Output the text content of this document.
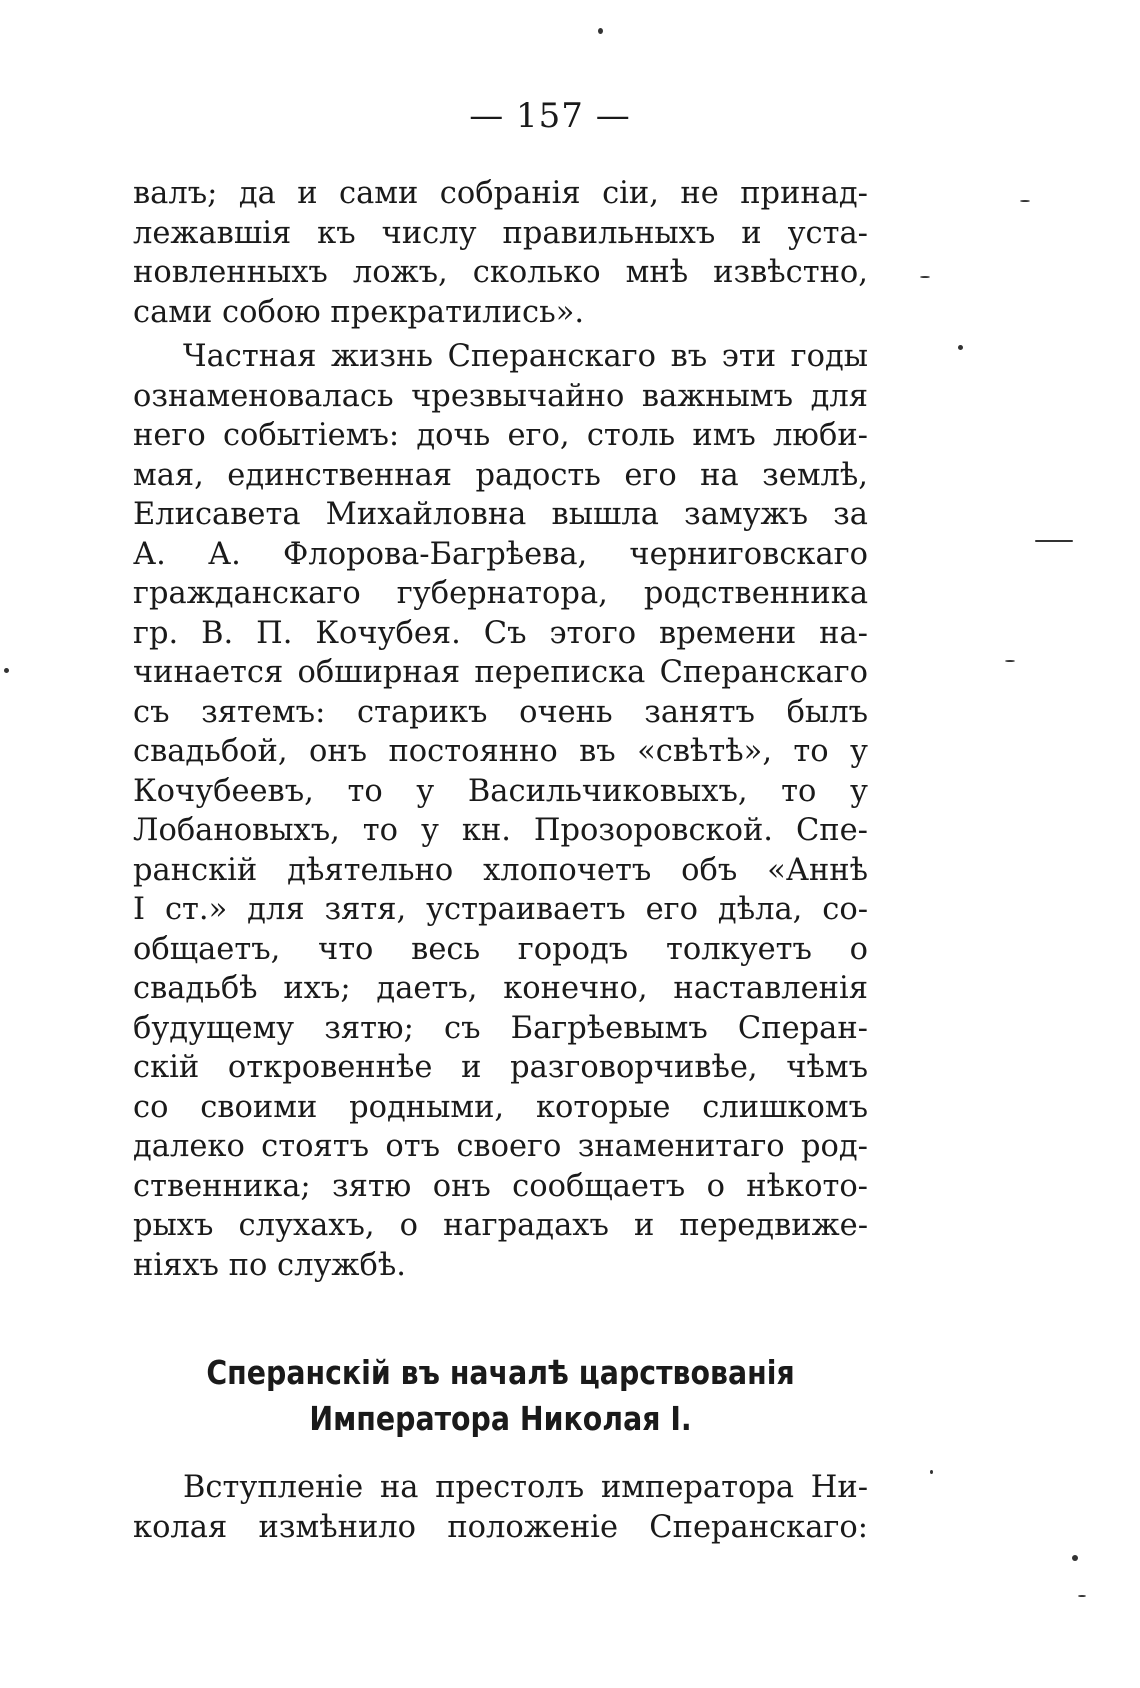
— 157 —
валъ; да и сами собранія сіи, не принад-
лежавшія къ числу правильныхъ и уста-
новленныхъ ложъ, сколько мнѣ извѣстно,
сами собою прекратились».
Частная жизнь Сперанскаго въ эти годы
ознаменовалась чрезвычайно важнымъ для
него событіемъ: дочь его, столь имъ люби-
мая, единственная радость его на землѣ,
Елисавета Михайловна вышла замужъ за
А. А. Флорова-Багрѣева, черниговскаго
гражданскаго губернатора, родственника
гр. В. П. Кочубея. Съ этого времени на-
чинается обширная переписка Сперанскаго
съ зятемъ: старикъ очень занятъ былъ
свадьбой, онъ постоянно въ «свѣтѣ», то у
Кочубеевъ, то у Васильчиковыхъ, то у
Лобановыхъ, то у кн. Прозоровской. Спе-
ранскій дѣятельно хлопочетъ объ «Аннѣ
I ст.» для зятя, устраиваетъ его дѣла, со-
общаетъ, что весь городъ толкуетъ о
свадьбѣ ихъ; даетъ, конечно, наставленія
будущему зятю; съ Багрѣевымъ Сперан-
скій откровеннѣе и разговорчивѣе, чѣмъ
со своими родными, которые слишкомъ
далеко стоятъ отъ своего знаменитаго род-
ственника; зятю онъ сообщаетъ о нѣкото-
рыхъ слухахъ, о наградахъ и передвиже-
ніяхъ по службѣ.
Сперанскій въ началѣ царствованія
Императора Николая I.
Вступленіе на престолъ императора Ни-
колая измѣнило положеніе Сперанскаго:
